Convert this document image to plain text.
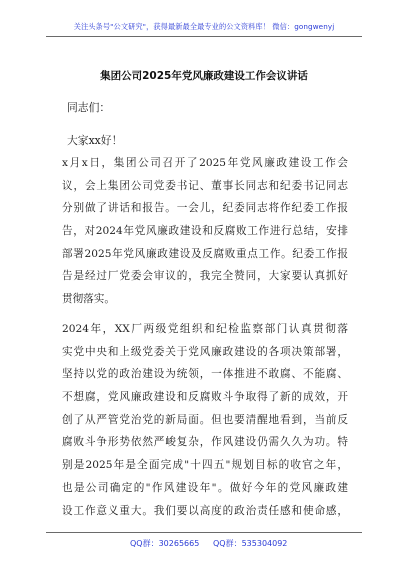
关注头条号"公文研究"，获得最新最全最专业的公文资料库！ 微信：gongwenyj
集团公司2025年党风廉政建设工作会议讲话
同志们：
大家xx好！
x月x日，集团公司召开了2025年党风廉政建设工作会
议，会上集团公司党委书记、董事长同志和纪委书记同志
分别做了讲话和报告。一会儿，纪委同志将作纪委工作报
告，对2024年党风廉政建设和反腐败工作进行总结，安排
部署2025年党风廉政建设及反腐败重点工作。纪委工作报
告是经过厂党委会审议的，我完全赞同，大家要认真抓好
贯彻落实。
2024年，XX厂两级党组织和纪检监察部门认真贯彻落
实党中央和上级党委关于党风廉政建设的各项决策部署，
坚持以党的政治建设为统领，一体推进不敢腐、不能腐、
不想腐，党风廉政建设和反腐败斗争取得了新的成效，开
创了从严管党治党的新局面。但也要清醒地看到，当前反
腐败斗争形势依然严峻复杂，作风建设仍需久久为功。特
别是2025年是全面完成"十四五"规划目标的收官之年，
也是公司确定的"作风建设年"。做好今年的党风廉政建
设工作意义重大。我们要以高度的政治责任感和使命感，
QQ群：30265665 QQ群：535304092
